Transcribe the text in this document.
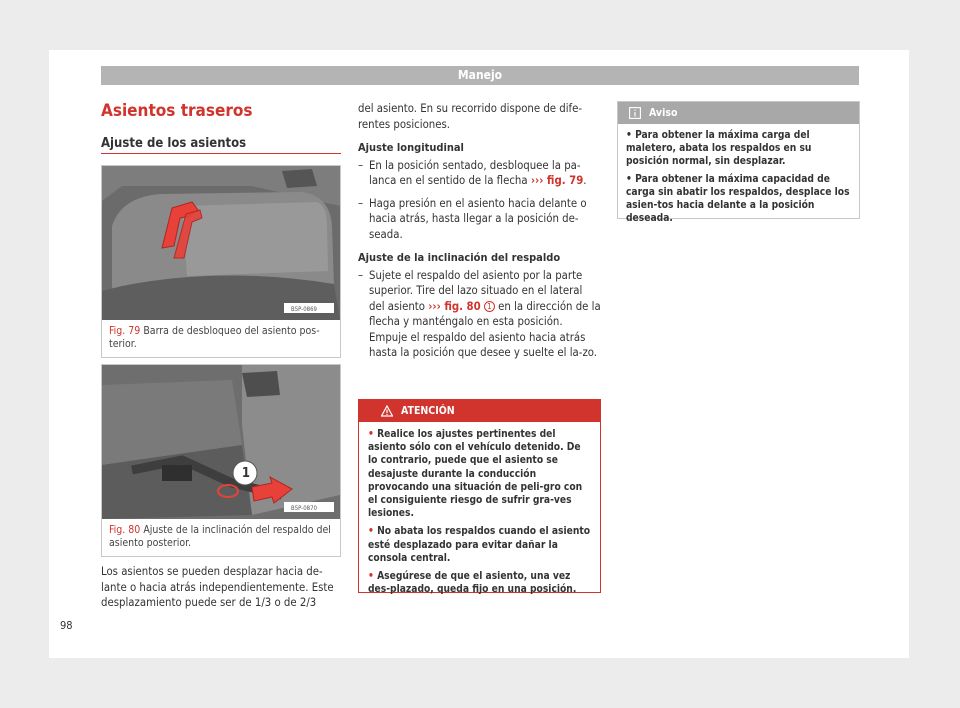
Manejo
Asientos traseros
Ajuste de los asientos
B5P-0869
Fig. 79 Barra de desbloqueo del asiento pos-terior.
1
B5P-0870
Fig. 80 Ajuste de la inclinación del respaldo del asiento posterior.
Los asientos se pueden desplazar hacia de-lante o hacia atrás independientemente. Este desplazamiento puede ser de 1/3 o de 2/3

del asiento. En su recorrido dispone de dife-rentes posiciones.

Ajuste longitudinal
– En la posición sentado, desbloquee la pa-lanca en el sentido de la flecha ››› fig. 79.
– Haga presión en el asiento hacia delante o hacia atrás, hasta llegar a la posición de-seada.
Ajuste de la inclinación del respaldo
– Sujete el respaldo del asiento por la parte superior. Tire del lazo situado en el lateral del asiento ››› fig. 80 1 en la dirección de la flecha y manténgalo en esta posición. Empuje el respaldo del asiento hacia atrás hasta la posición que desee y suelte el la-zo.
ATENCIÓN
• Realice los ajustes pertinentes del asiento sólo con el vehículo detenido. De lo contrario, puede que el asiento se desajuste durante la conducción provocando una situación de peli-gro con el consiguiente riesgo de sufrir gra-ves lesiones.
• No abata los respaldos cuando el asiento esté desplazado para evitar dañar la consola central.
• Asegúrese de que el asiento, una vez des-plazado, queda fijo en una posición.
Aviso
• Para obtener la máxima carga del maletero, abata los respaldos en su posición normal, sin desplazar.
• Para obtener la máxima capacidad de carga sin abatir los respaldos, desplace los asien-tos hacia delante a la posición deseada.
98
